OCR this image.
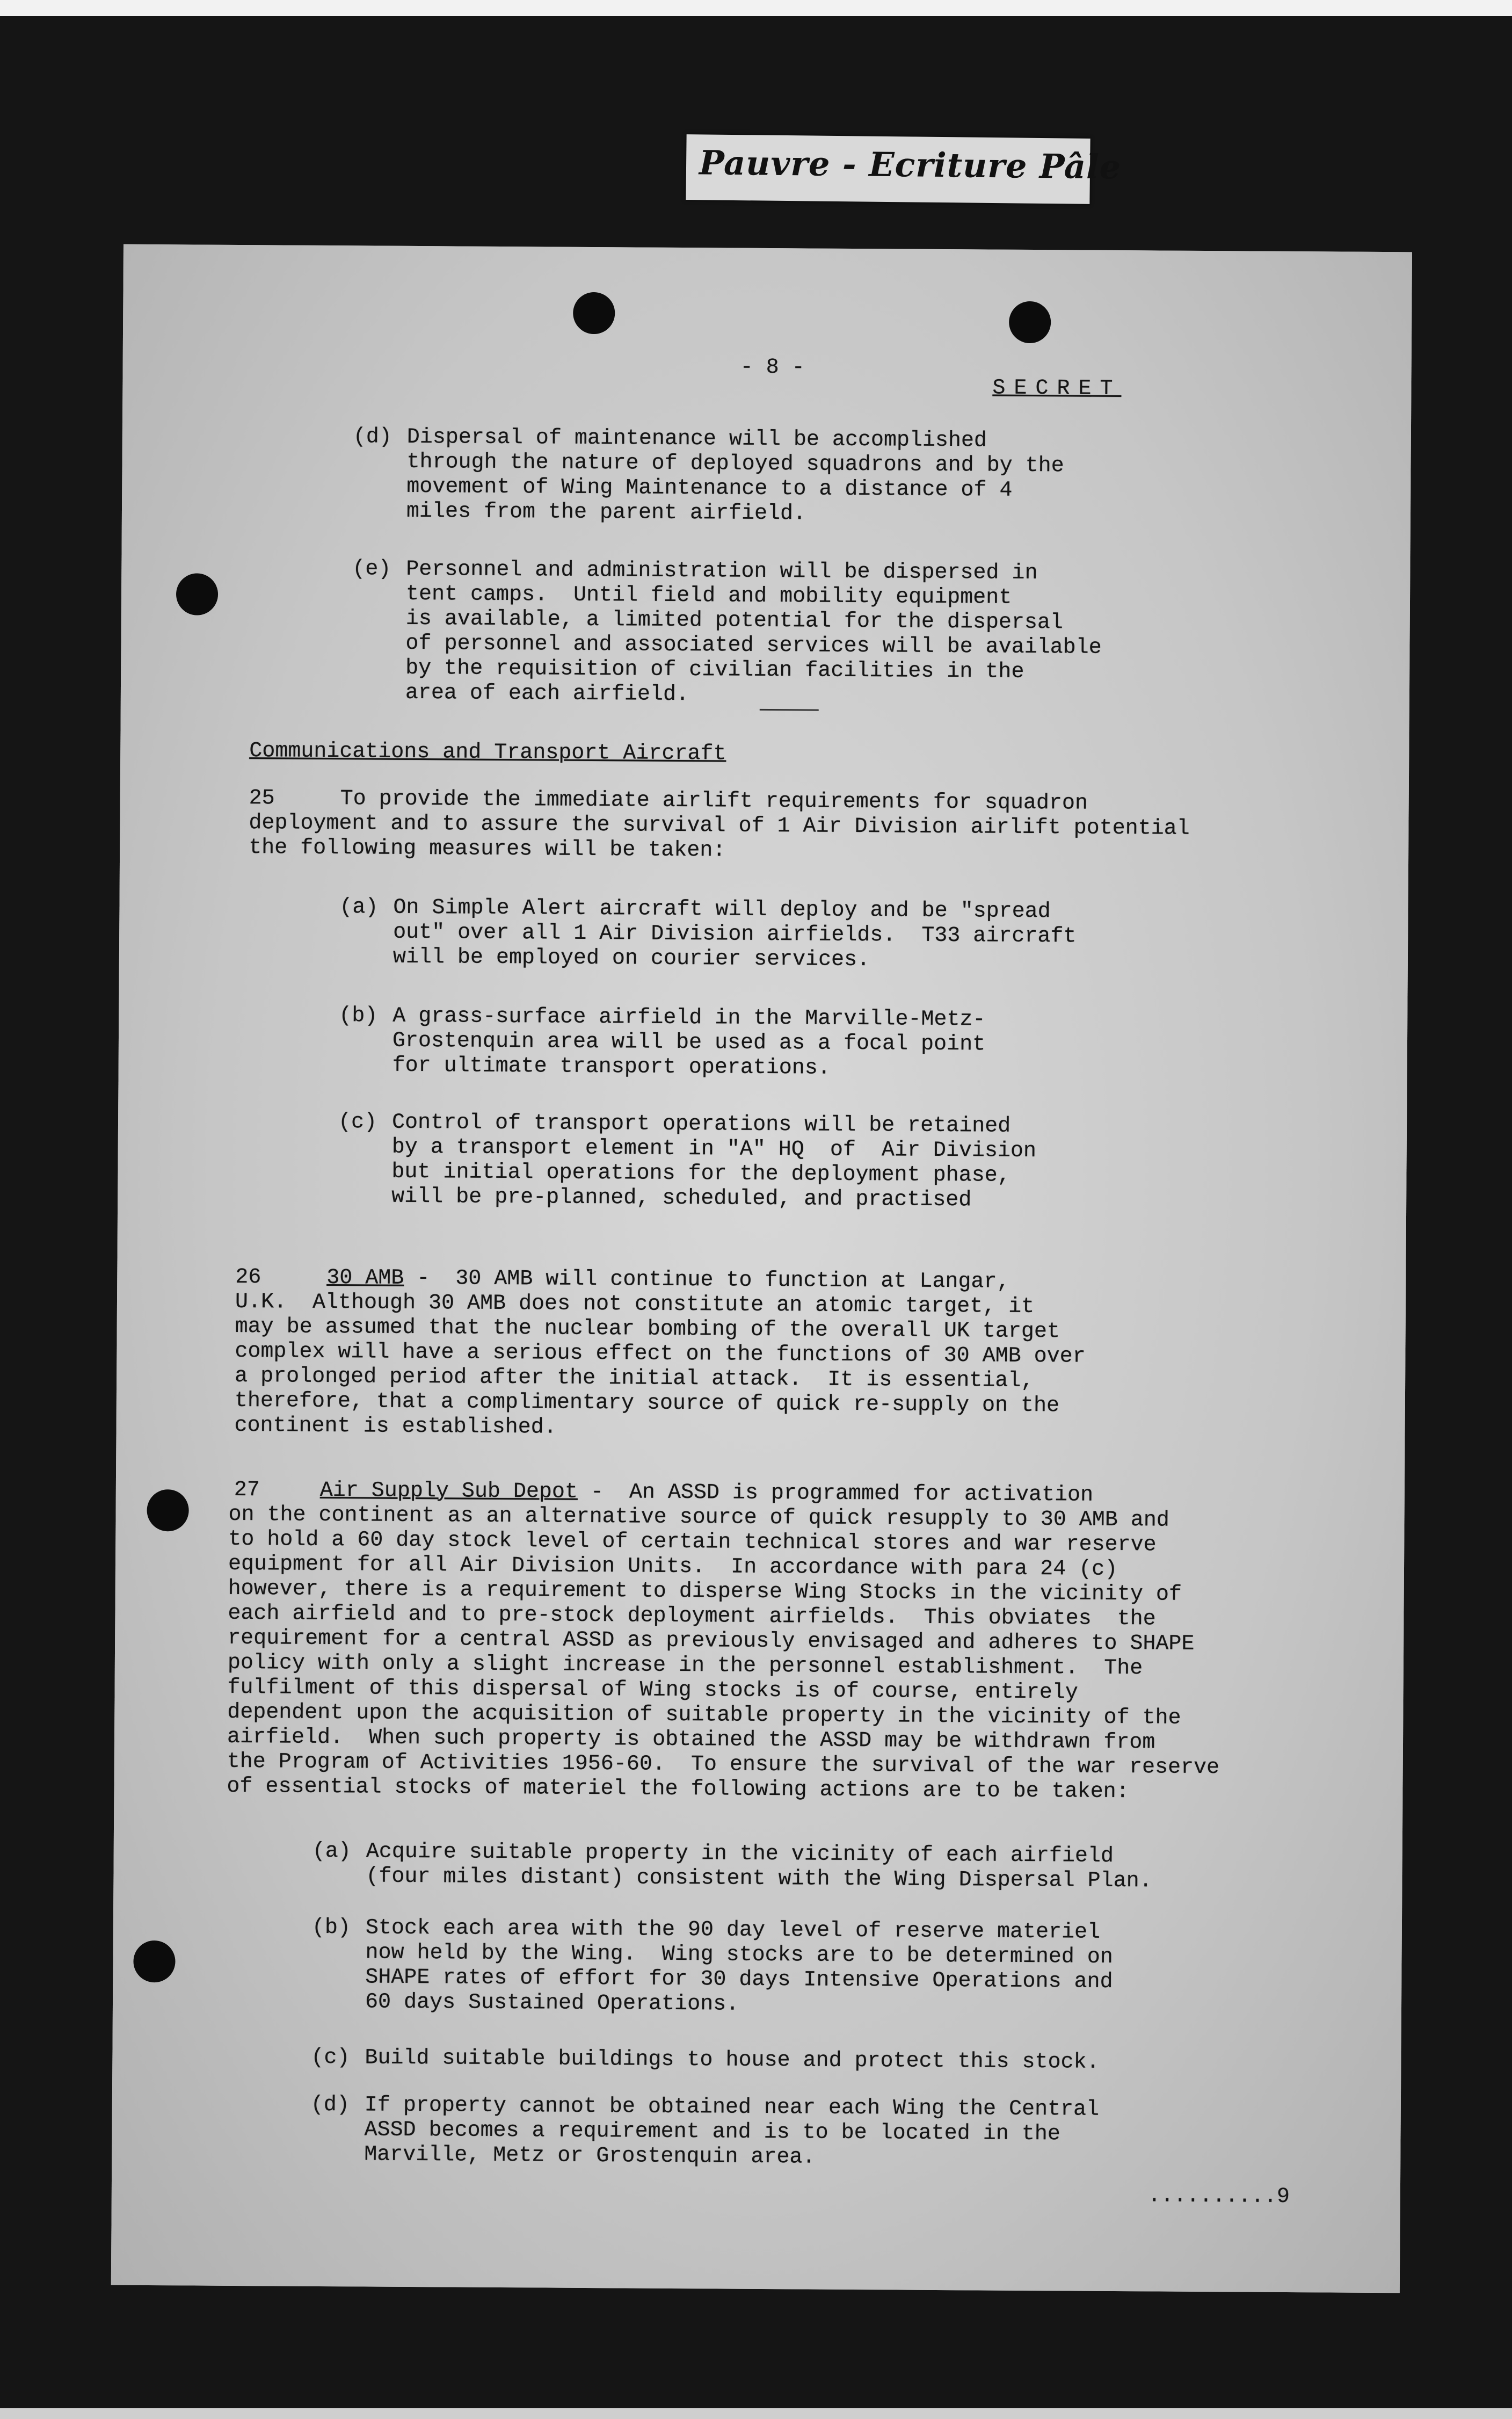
Pauvre - Ecriture Pâle
- 8 -
SECRET
(d) Dispersal of maintenance will be accomplished
through the nature of deployed squadrons and by the
movement of Wing Maintenance to a distance of 4
miles from the parent airfield.
(e) Personnel and administration will be dispersed in
tent camps.  Until field and mobility equipment
is available, a limited potential for the dispersal
of personnel and associated services will be available
by the requisition of civilian facilities in the
area of each airfield.
Communications and Transport Aircraft
25	To provide the immediate airlift requirements for squadron
deployment and to assure the survival of 1 Air Division airlift potential
the following measures will be taken:
(a) On Simple Alert aircraft will deploy and be "spread
out" over all 1 Air Division airfields.  T33 aircraft
will be employed on courier services.
(b) A grass-surface airfield in the Marville-Metz-
Grostenquin area will be used as a focal point
for ultimate transport operations.
(c) Control of transport operations will be retained
by a transport element in "A" HQ  of  Air Division
but initial operations for the deployment phase,
will be pre-planned, scheduled, and practised
26	30 AMB -  30 AMB will continue to function at Langar,
U.K.  Although 30 AMB does not constitute an atomic target, it
may be assumed that the nuclear bombing of the overall UK target
complex will have a serious effect on the functions of 30 AMB over
a prolonged period after the initial attack.  It is essential,
therefore, that a complimentary source of quick re-supply on the
continent is established.
27	Air Supply Sub Depot -  An ASSD is programmed for activation
on the continent as an alternative source of quick resupply to 30 AMB and
to hold a 60 day stock level of certain technical stores and war reserve
equipment for all Air Division Units.  In accordance with para 24 (c)
however, there is a requirement to disperse Wing Stocks in the vicinity of
each airfield and to pre-stock deployment airfields.  This obviates  the
requirement for a central ASSD as previously envisaged and adheres to SHAPE
policy with only a slight increase in the personnel establishment.  The
fulfilment of this dispersal of Wing stocks is of course, entirely
dependent upon the acquisition of suitable property in the vicinity of the
airfield.  When such property is obtained the ASSD may be withdrawn from
the Program of Activities 1956-60.  To ensure the survival of the war reserve
of essential stocks of materiel the following actions are to be taken:
(a) Acquire suitable property in the vicinity of each airfield
(four miles distant) consistent with the Wing Dispersal Plan.
(b) Stock each area with the 90 day level of reserve materiel
now held by the Wing.  Wing stocks are to be determined on
SHAPE rates of effort for 30 days Intensive Operations and
60 days Sustained Operations.
(c) Build suitable buildings to house and protect this stock.
(d) If property cannot be obtained near each Wing the Central
ASSD becomes a requirement and is to be located in the
Marville, Metz or Grostenquin area.
..........9
